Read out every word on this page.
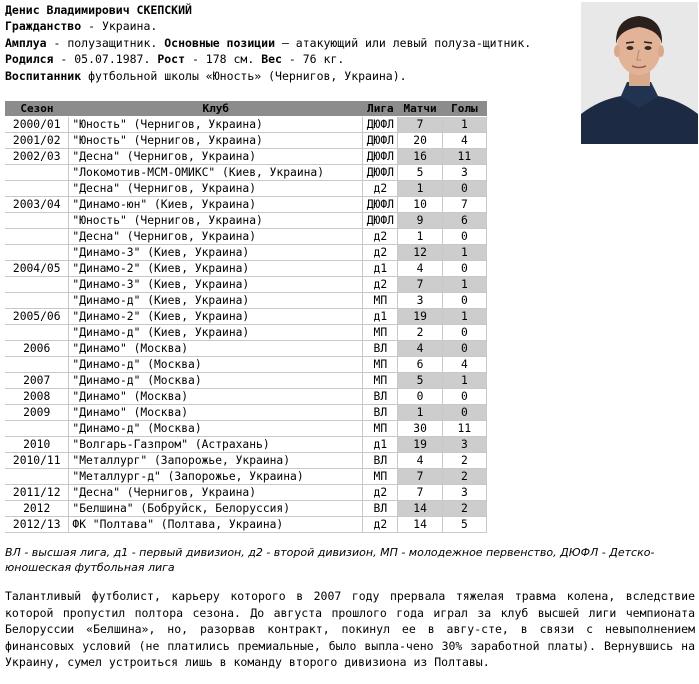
Денис Владимирович СКЕПСКИЙ

Гражданство - Украина.

Амплуа - полузащитник. Основные позиции — атакующий или левый полуза-щитник.

Родился - 05.07.1987. Рост - 178 см. Вес - 76 кг.

Воспитанник футбольной школы «Юность» (Чернигов, Украина).

Сезон	Клуб	Лига	Матчи	Голы
2000/01	"Юность" (Чернигов, Украина)	ДЮФЛ	7	1
2001/02	"Юность" (Чернигов, Украина)	ДЮФЛ	20	4
2002/03	"Десна" (Чернигов, Украина)	ДЮФЛ	16	11
	"Локомотив-МСМ-ОМИКС" (Киев, Украина)	ДЮФЛ	5	3
	"Десна" (Чернигов, Украина)	д2	1	0
2003/04	"Динамо-юн" (Киев, Украина)	ДЮФЛ	10	7
	"Юность" (Чернигов, Украина)	ДЮФЛ	9	6
	"Десна" (Чернигов, Украина)	д2	1	0
	"Динамо-3" (Киев, Украина)	д2	12	1
2004/05	"Динамо-2" (Киев, Украина)	д1	4	0
	"Динамо-3" (Киев, Украина)	д2	7	1
	"Динамо-д" (Киев, Украина)	МП	3	0
2005/06	"Динамо-2" (Киев, Украина)	д1	19	1
	"Динамо-д" (Киев, Украина)	МП	2	0
2006	"Динамо" (Москва)	ВЛ	4	0
	"Динамо-д" (Москва)	МП	6	4
2007	"Динамо-д" (Москва)	МП	5	1
2008	"Динамо" (Москва)	ВЛ	0	0
2009	"Динамо" (Москва)	ВЛ	1	0
	"Динамо-д" (Москва)	МП	30	11
2010	"Волгарь-Газпром" (Астрахань)	д1	19	3
2010/11	"Металлург" (Запорожье, Украина)	ВЛ	4	2
	"Металлург-д" (Запорожье, Украина)	МП	7	2
2011/12	"Десна" (Чернигов, Украина)	д2	7	3
2012	"Белшина" (Бобруйск, Белоруссия)	ВЛ	14	2
2012/13	ФК "Полтава" (Полтава, Украина)	д2	14	5
ВЛ - высшая лига, д1 - первый дивизион, д2 - второй дивизион, МП - молодежное первенство, ДЮФЛ - Детско-юношеская футбольная лига
Талантливый футболист, карьеру которого в 2007 году прервала тяжелая травма колена, вследствие которой пропустил полтора сезона. До августа прошлого года играл за клуб высшей лиги чемпионата Белоруссии «Белшина», но, разорвав контракт, покинул ее в авгу-сте, в связи с невыполнением финансовых условий (не платились премиальные, было выпла-чено 30% заработной платы). Вернувшись на Украину, сумел устроиться лишь в команду второго дивизиона из Полтавы.
